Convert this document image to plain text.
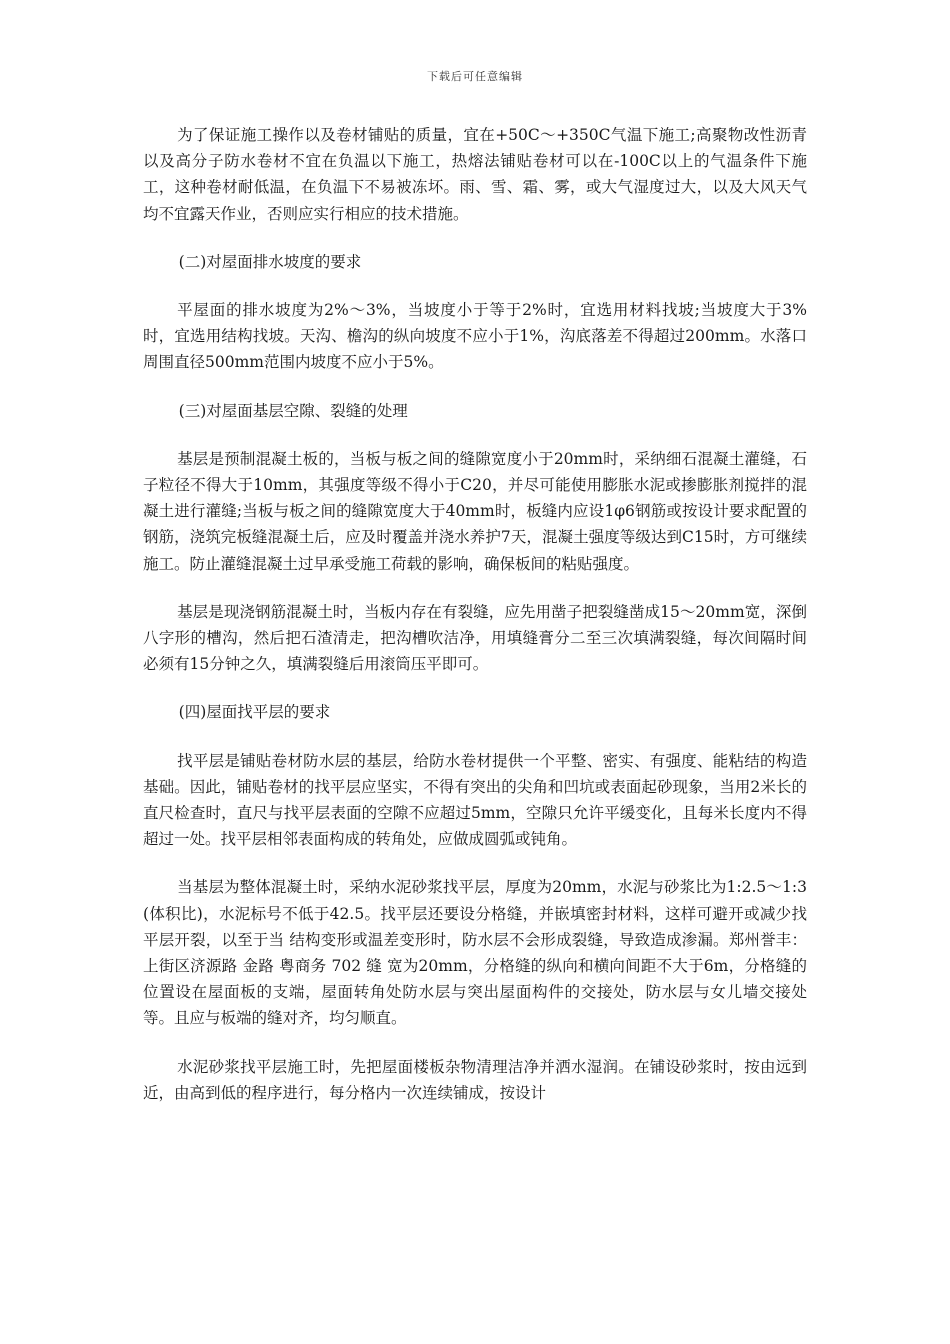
下载后可任意编辑

为了保证施工操作以及卷材铺贴的质量，宜在+50C～+350C气温下施工;高聚物改性沥青以及高分子防水卷材不宜在负温以下施工，热熔法铺贴卷材可以在-100C以上的气温条件下施工，这种卷材耐低温，在负温下不易被冻坏。雨、雪、霜、雾，或大气湿度过大，以及大风天气均不宜露天作业，否则应实行相应的技术措施。

(二)对屋面排水坡度的要求

平屋面的排水坡度为2%～3%，当坡度小于等于2%时，宜选用材料找坡;当坡度大于3%时，宜选用结构找坡。天沟、檐沟的纵向坡度不应小于1%，沟底落差不得超过200mm。水落口周围直径500mm范围内坡度不应小于5%。

(三)对屋面基层空隙、裂缝的处理

基层是预制混凝土板的，当板与板之间的缝隙宽度小于20mm时，采纳细石混凝土灌缝，石子粒径不得大于10mm，其强度等级不得小于C20，并尽可能使用膨胀水泥或掺膨胀剂搅拌的混凝土进行灌缝;当板与板之间的缝隙宽度大于40mm时，板缝内应设1φ6钢筋或按设计要求配置的钢筋，浇筑完板缝混凝土后，应及时覆盖并浇水养护7天，混凝土强度等级达到C15时，方可继续施工。防止灌缝混凝土过早承受施工荷载的影响，确保板间的粘贴强度。

基层是现浇钢筋混凝土时，当板内存在有裂缝，应先用凿子把裂缝凿成15～20mm宽，深倒八字形的槽沟，然后把石渣清走，把沟槽吹洁净，用填缝膏分二至三次填满裂缝，每次间隔时间必须有15分钟之久，填满裂缝后用滚筒压平即可。

(四)屋面找平层的要求

找平层是铺贴卷材防水层的基层，给防水卷材提供一个平整、密实、有强度、能粘结的构造基础。因此，铺贴卷材的找平层应坚实，不得有突出的尖角和凹坑或表面起砂现象，当用2米长的直尺检查时，直尺与找平层表面的空隙不应超过5mm，空隙只允许平缓变化，且每米长度内不得超过一处。找平层相邻表面构成的转角处，应做成圆弧或钝角。

当基层为整体混凝土时，采纳水泥砂浆找平层，厚度为20mm，水泥与砂浆比为1:2.5～1:3(体积比)，水泥标号不低于42.5。找平层还要设分格缝，并嵌填密封材料，这样可避开或减少找平层开裂，以至于当 结构变形或温差变形时，防水层不会形成裂缝，导致造成渗漏。郑州誉丰：上街区济源路 金路 粤商务 702 缝 宽为20mm，分格缝的纵向和横向间距不大于6m，分格缝的位置设在屋面板的支端，屋面转角处防水层与突出屋面构件的交接处，防水层与女儿墙交接处等。且应与板端的缝对齐，均匀顺直。

水泥砂浆找平层施工时，先把屋面楼板杂物清理洁净并洒水湿润。在铺设砂浆时，按由远到近，由高到低的程序进行，每分格内一次连续铺成，按设计
